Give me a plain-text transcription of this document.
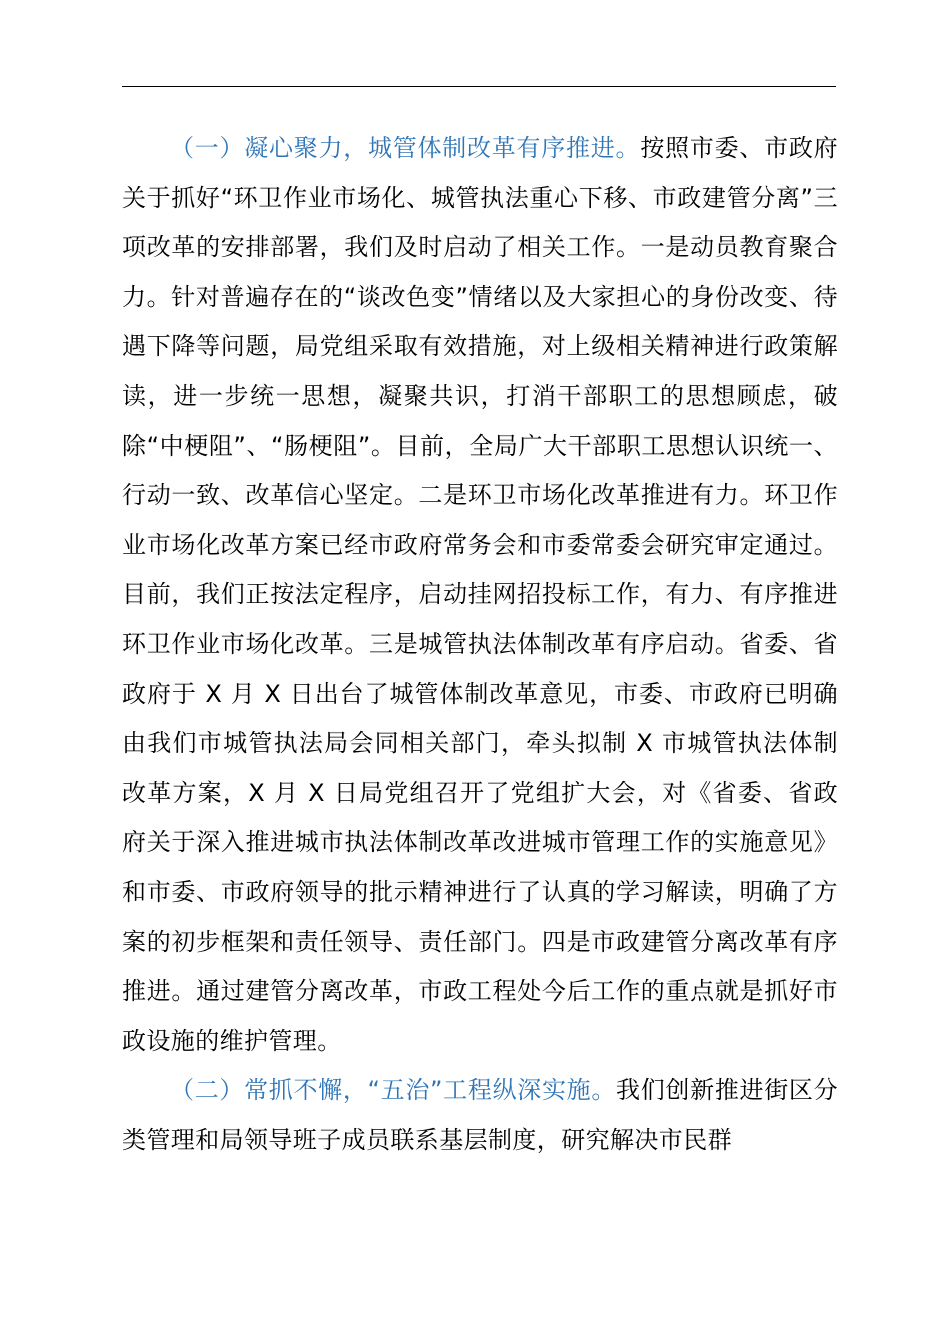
（一）凝心聚力，城管体制改革有序推进。按照市委、市政府关于抓好“环卫作业市场化、城管执法重心下移、市政建管分离”三项改革的安排部署，我们及时启动了相关工作。一是动员教育聚合力。针对普遍存在的“谈改色变”情绪以及大家担心的身份改变、待遇下降等问题，局党组采取有效措施，对上级相关精神进行政策解读，进一步统一思想，凝聚共识，打消干部职工的思想顾虑，破除“中梗阻”、“肠梗阻”。目前，全局广大干部职工思想认识统一、行动一致、改革信心坚定。二是环卫市场化改革推进有力。环卫作业市场化改革方案已经市政府常务会和市委常委会研究审定通过。目前，我们正按法定程序，启动挂网招投标工作，有力、有序推进环卫作业市场化改革。三是城管执法体制改革有序启动。省委、省政府于 X 月 X 日出台了城管体制改革意见，市委、市政府已明确由我们市城管执法局会同相关部门，牵头拟制 X 市城管执法体制改革方案，X 月 X 日局党组召开了党组扩大会，对《省委、省政府关于深入推进城市执法体制改革改进城市管理工作的实施意见》和市委、市政府领导的批示精神进行了认真的学习解读，明确了方案的初步框架和责任领导、责任部门。四是市政建管分离改革有序推进。通过建管分离改革，市政工程处今后工作的重点就是抓好市政设施的维护管理。

（二）常抓不懈，“五治”工程纵深实施。我们创新推进街区分类管理和局领导班子成员联系基层制度，研究解决市民群
